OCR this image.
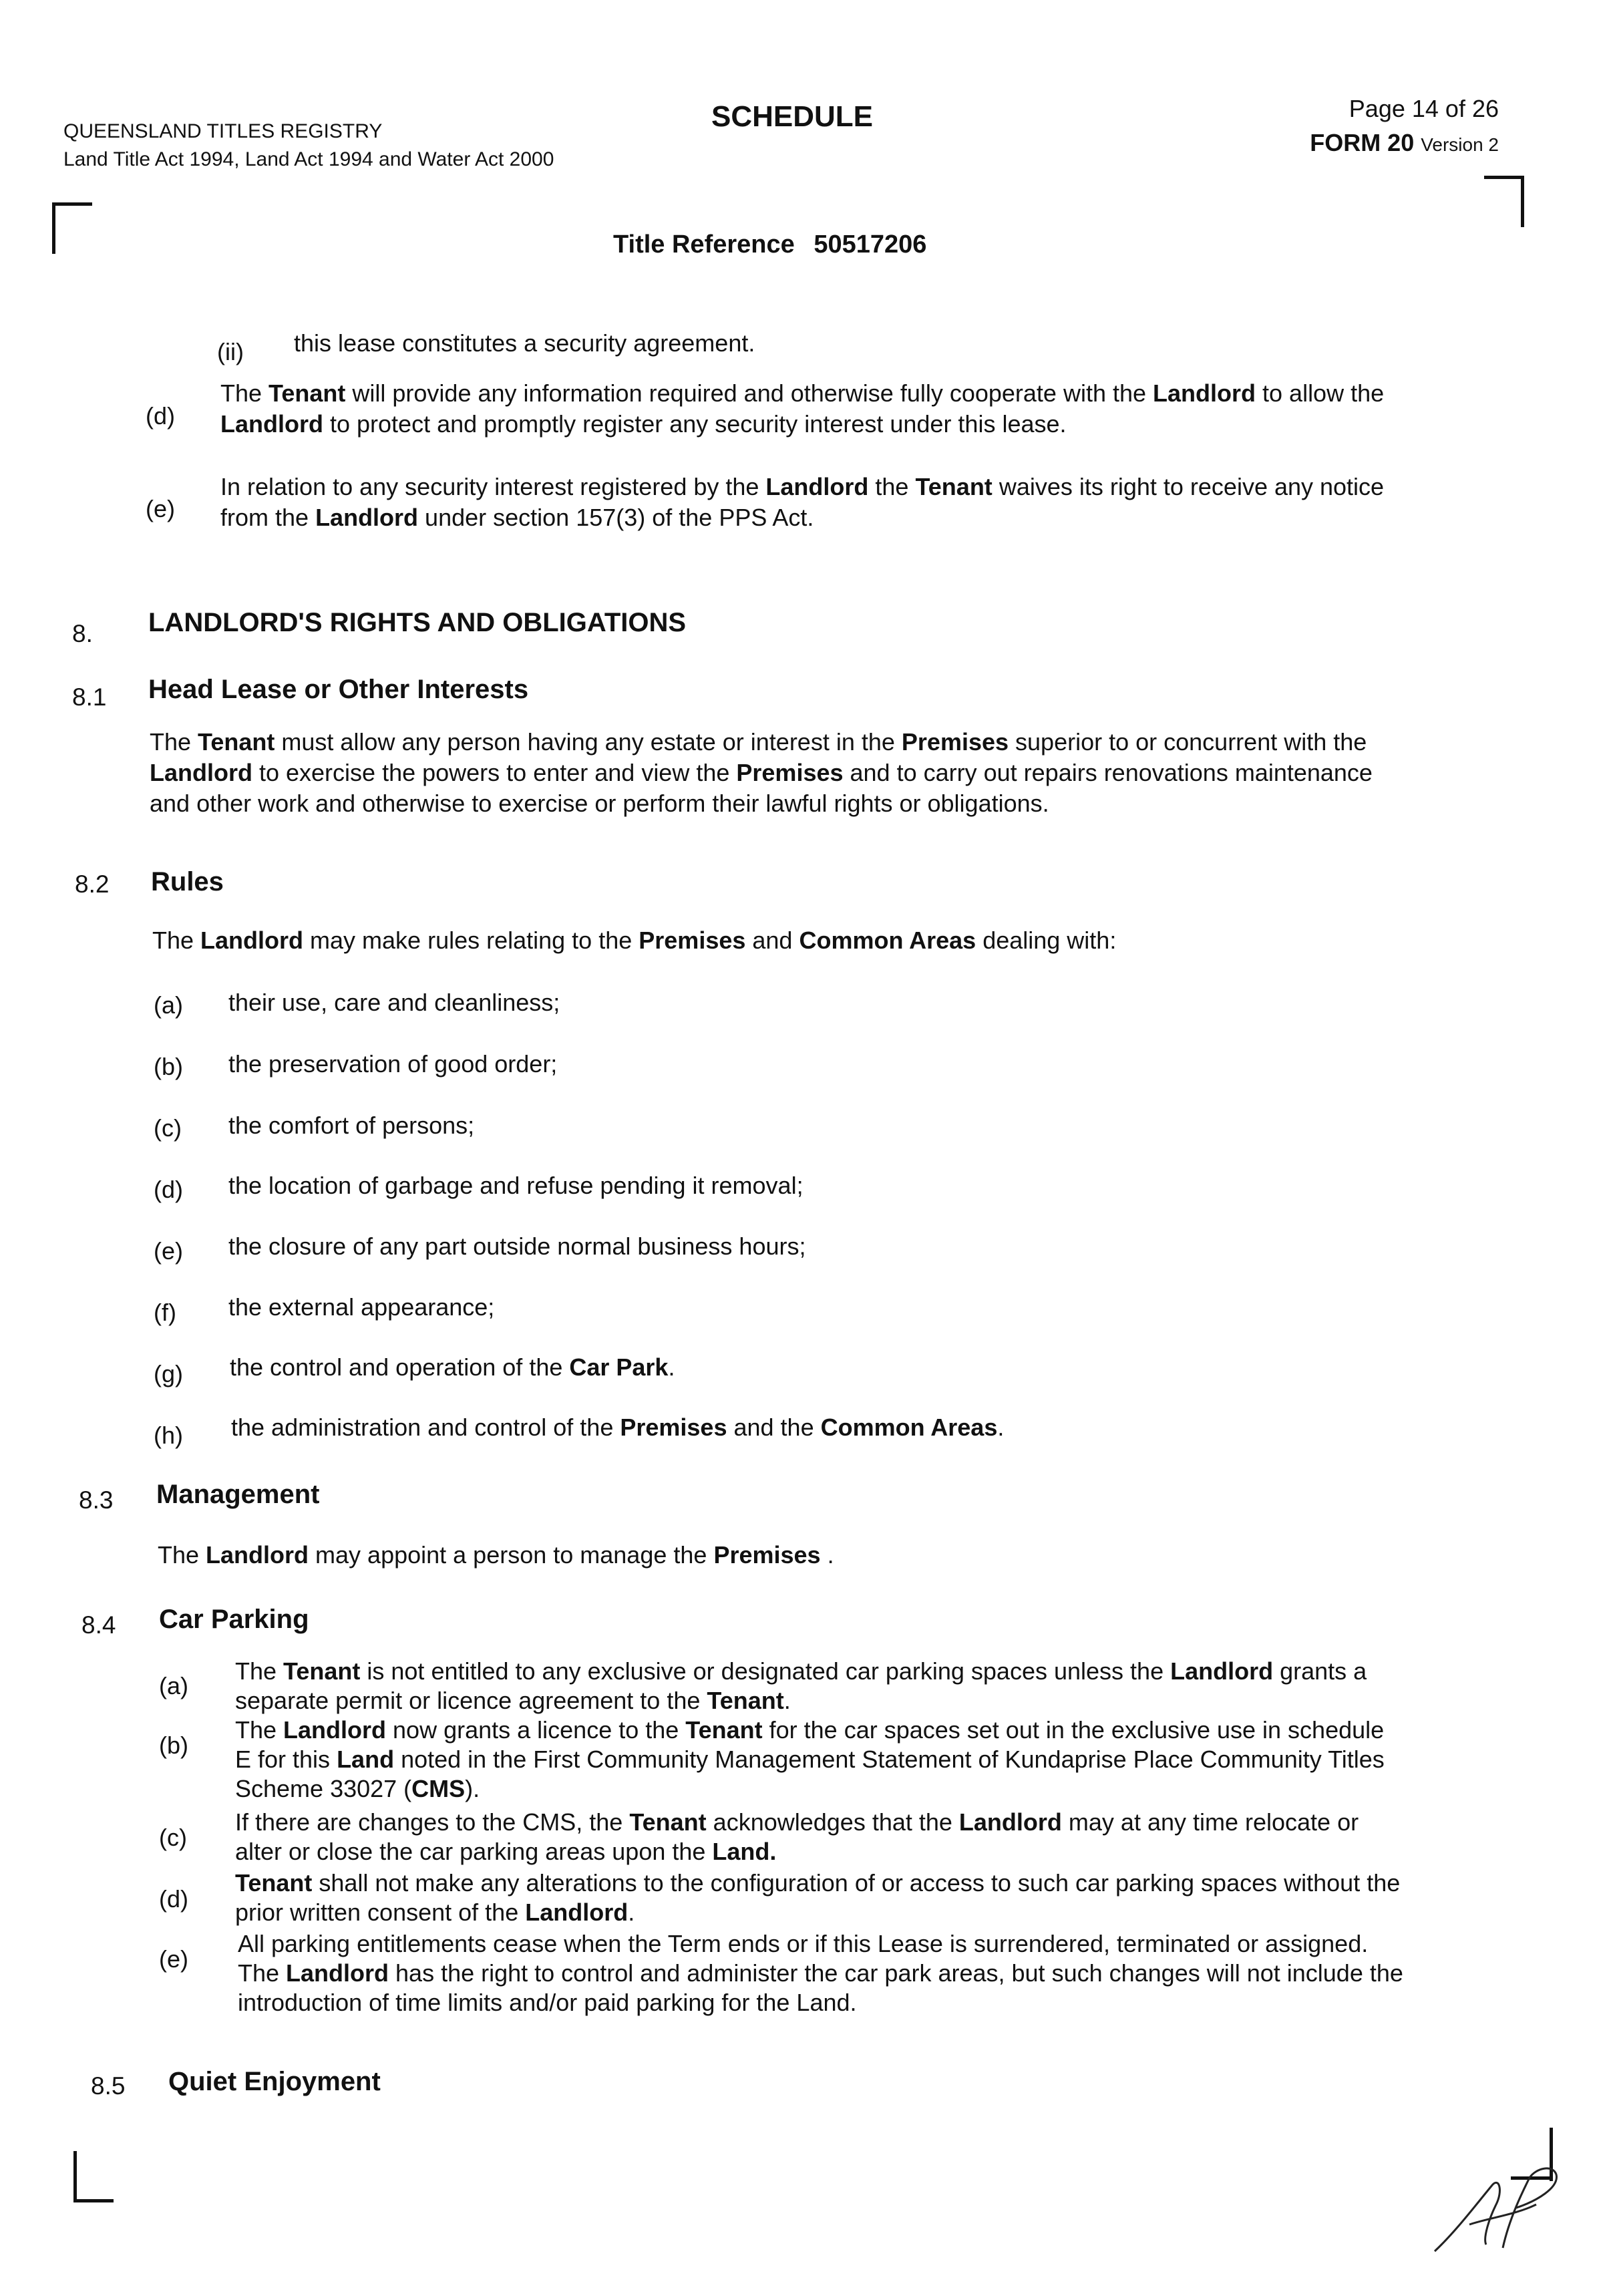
QUEENSLAND TITLES REGISTRY
Land Title Act 1994, Land Act 1994 and Water Act 2000
SCHEDULE	Page 14 of 26
FORM 20 Version 2
Title Reference 50517206
(ii) this lease constitutes a security agreement.
(d)
The Tenant will provide any information required and otherwise fully cooperate with the Landlord to allow the
Landlord to protect and promptly register any security interest under this lease.
(e)
In relation to any security interest registered by the Landlord the Tenant waives its right to receive any notice
from the Landlord under section 157(3) of the PPS Act.
8. LANDLORD'S RIGHTS AND OBLIGATIONS
8.1 Head Lease or Other Interests
The Tenant must allow any person having any estate or interest in the Premises superior to or concurrent with the
Landlord to exercise the powers to enter and view the Premises and to carry out repairs renovations maintenance
and other work and otherwise to exercise or perform their lawful rights or obligations.
8.2 Rules
The Landlord may make rules relating to the Premises and Common Areas dealing with:
(a) their use, care and cleanliness;
(b) the preservation of good order;
(c) the comfort of persons;
(d) the location of garbage and refuse pending it removal;
(e) the closure of any part outside normal business hours;
(f) the external appearance;
(g) the control and operation of the Car Park.
(h) the administration and control of the Premises and the Common Areas.
8.3 Management
The Landlord may appoint a person to manage the Premises .
8.4 Car Parking
(a)
The Tenant is not entitled to any exclusive or designated car parking spaces unless the Landlord grants a
separate permit or licence agreement to the Tenant.
(b)
The Landlord now grants a licence to the Tenant for the car spaces set out in the exclusive use in schedule
E for this Land noted in the First Community Management Statement of Kundaprise Place Community Titles
Scheme 33027 (CMS).
(c)
If there are changes to the CMS, the Tenant acknowledges that the Landlord may at any time relocate or
alter or close the car parking areas upon the Land.
(d)
Tenant shall not make any alterations to the configuration of or access to such car parking spaces without the
prior written consent of the Landlord.
(e)
All parking entitlements cease when the Term ends or if this Lease is surrendered, terminated or assigned.
The Landlord has the right to control and administer the car park areas, but such changes will not include the
introduction of time limits and/or paid parking for the Land.
8.5 Quiet Enjoyment
